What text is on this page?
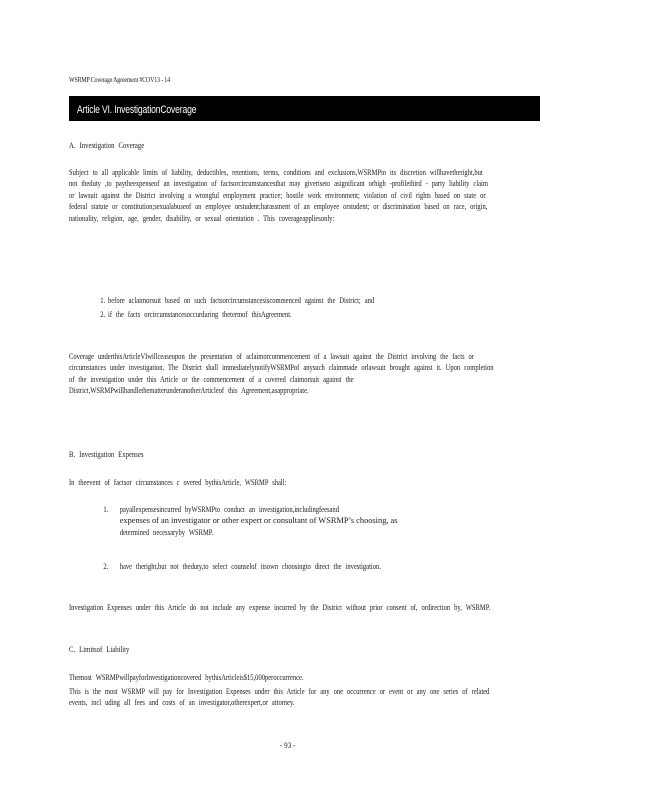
WSRMP Coverage Agreement #COV13 - 14
Article VI. InvestigationCoverage

A. Investigation Coverage

Subject to all applicable limits of liability, deductibles, retentions, terms, conditions and exclusions,WSRMPin its discretion willhavetheright,but not theduty ,to paytheexpenseof an investigation of factsorcircumstancesthat may giveriseto asignificant orhigh -profilethird - party liability claim or lawsuit against the District involving a wrongful employment practice; hostile work environment; violation of civil rights based on state or federal statute or constitution;sexualabuseof an employee orstudent;harassment of an employee orstudent; or discrimination based on race, origin, nationality, religion, age, gender, disability, or sexual orientation . This coverageappliesonly:

1. before aclaimorsuit based on such factsorcircumstancesiscommenced against the District; and
2. if the facts orcircumstancesoccurduring thetermof thisAgreement.

Coverage underthisArticleVIwillceaseupon the presentation of aclaimorcommencement of a lawsuit against the District involving the facts or circumstances under investigation. The District shall immediatelynotifyWSRMPof anysuch claimmade orlawsuit brought against it. Upon completion of the investigation under this Article or the commencement of a covered claimorsuit against the District,WSRMPwillhandlethematterunderanotherArticleof this Agreement,asappropriate.

B. Investigation Expenses

In theevent of factsor circumstances c overed bythisArticle, WSRMP shall:

1. payallexpensesincurred byWSRMPto conduct an investigation,includingfeesand
expenses of an investigator or other expert or consultant of WSRMP’s choosing, as
determined necessaryby WSRMP.
2. have theright,but not theduty,to select counselof itsown choosingto direct the investigation.

Investigation Expenses under this Article do not include any expense incurred by the District without prior consent of, ordirection by, WSRMP.

C. Limitsof Liability

Themost WSRMPwillpayforInvestigationcovered bythisArticleis$15,000peroccurrence.

This is the most WSRMP will pay for Investigation Expenses under this Article for any one occurrence or event or any one series of related events, incl uding all fees and costs of an investigator,otherexpert,or attorney.

- 93 -
